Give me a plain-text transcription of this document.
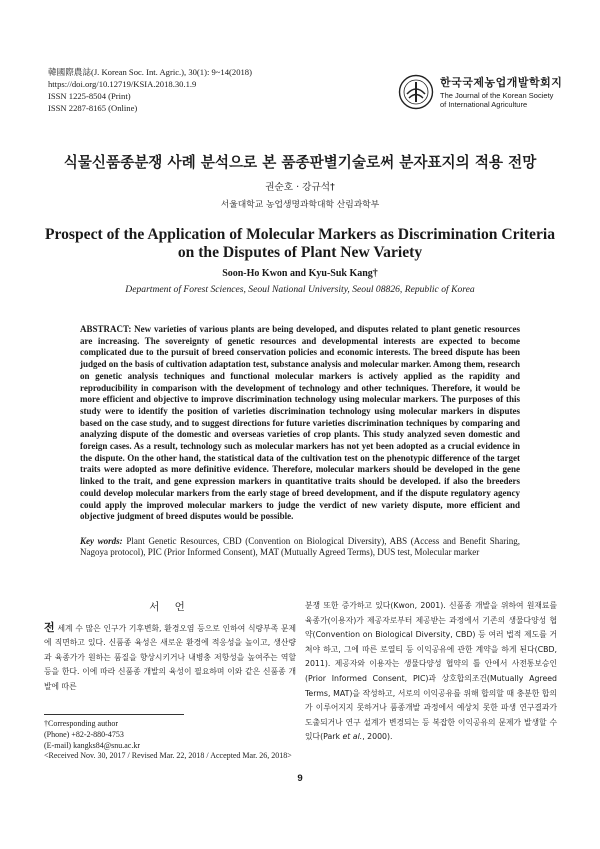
韓國際農誌(J. Korean Soc. Int. Agric.), 30(1): 9~14(2018)
https://doi.org/10.12719/KSIA.2018.30.1.9
ISSN 1225-8504 (Print)
ISSN 2287-8165 (Online)
한국국제농업개발학회지
The Journal of the Korean Society
of International Agriculture
식물신품종분쟁 사례 분석으로 본 품종판별기술로써 분자표지의 적용 전망
권순호 · 강규석†
서울대학교 농업생명과학대학 산림과학부
Prospect of the Application of Molecular Markers as Discrimination Criteria on the Disputes of Plant New Variety
Soon-Ho Kwon and Kyu-Suk Kang†
Department of Forest Sciences, Seoul National University, Seoul 08826, Republic of Korea
ABSTRACT: New varieties of various plants are being developed, and disputes related to plant genetic resources are increasing. The sovereignty of genetic resources and developmental interests are expected to become complicated due to the pursuit of breed conservation policies and economic interests. The breed dispute has been judged on the basis of cultivation adaptation test, substance analysis and molecular marker. Among them, research on genetic analysis techniques and functional molecular markers is actively applied as the rapidity and reproducibility in comparison with the development of technology and other techniques. Therefore, it would be more efficient and objective to improve discrimination technology using molecular markers. The purposes of this study were to identify the position of varieties discrimination technology using molecular markers in disputes based on the case study, and to suggest directions for future varieties discrimination techniques by comparing and analyzing dispute of the domestic and overseas varieties of crop plants. This study analyzed seven domestic and foreign cases. As a result, technology such as molecular markers has not yet been adopted as a crucial evidence in the dispute. On the other hand, the statistical data of the cultivation test on the phenotypic difference of the target traits were adopted as more definitive evidence. Therefore, molecular markers should be developed in the gene linked to the trait, and gene expression markers in quantitative traits should be developed. if also the breeders could develop molecular markers from the early stage of breed development, and if the dispute regulatory agency could apply the improved molecular markers to judge the verdict of new variety dispute, more efficient and objective judgment of breed disputes would be possible.
Key words: Plant Genetic Resources, CBD (Convention on Biological Diversity), ABS (Access and Benefit Sharing, Nagoya protocol), PIC (Prior Informed Consent), MAT (Mutually Agreed Terms), DUS test, Molecular marker
서 언
전 세계 수 많은 인구가 기후변화, 환경오염 등으로 인하여 식량부족 문제에 직면하고 있다. 신품종 육성은 새로운 환경에 적응성을 높이고, 생산량과 육종가가 원하는 품질을 향상시키거나 내병충 저항성을 높여주는 역할 등을 한다. 이에 따라 신품종 개발의 육성이 필요하며 이와 같은 신품종 개발에 따른
분쟁 또한 증가하고 있다(Kwon, 2001). 신품종 개발을 위하여 원재료를 육종가(이용자)가 제공자로부터 제공받는 과정에서 기존의 생물다양성 협약(Convention on Biological Diversity, CBD) 등 여러 법적 제도를 거쳐야 하고, 그에 따른 로열티 등 이익공유에 관한 계약을 하게 된다(CBD, 2011). 제공자와 이용자는 생물다양성 협약의 틀 안에서 사전통보승인(Prior Informed Consent, PIC)과 상호합의조건(Mutually Agreed Terms, MAT)을 작성하고, 서로의 이익공유를 위해 합의할 때 충분한 합의가 이루어지지 못하거나 품종개발 과정에서 예상치 못한 파생 연구결과가 도출되거나 연구 설계가 변경되는 등 복잡한 이익공유의 문제가 발생할 수 있다(Park et al., 2000).
†Corresponding author
(Phone) +82-2-880-4753
(E-mail) kangks84@snu.ac.kr
<Received Nov. 30, 2017 / Revised Mar. 22, 2018 / Accepted Mar. 26, 2018>
9
